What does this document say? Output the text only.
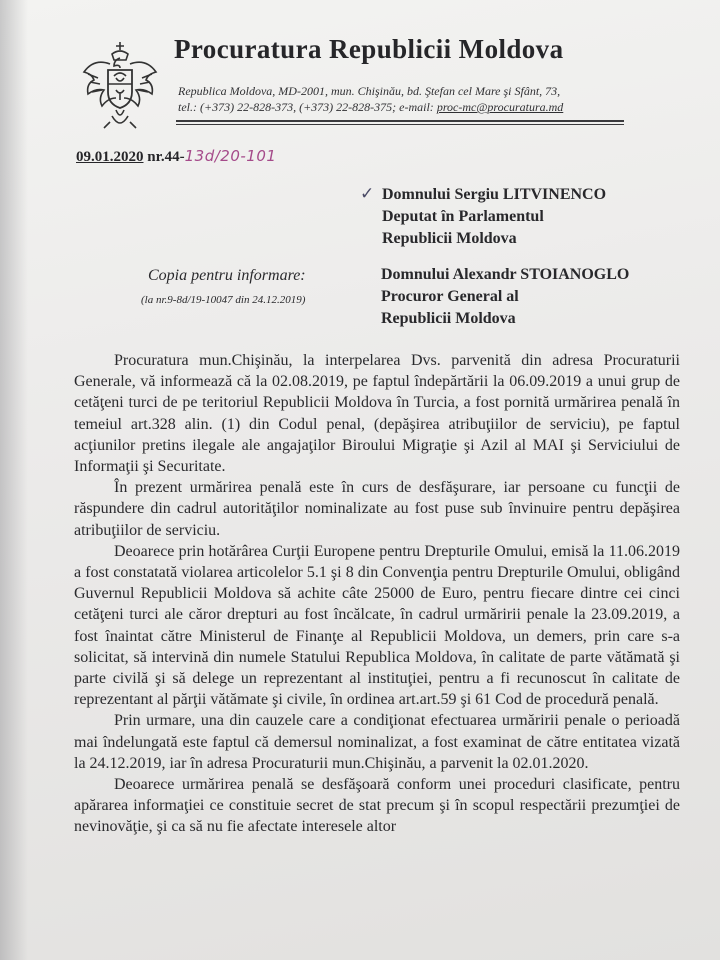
Procuratura Republicii Moldova
Republica Moldova, MD-2001, mun. Chişinău, bd. Ştefan cel Mare şi Sfânt, 73,
tel.: (+373) 22-828-373, (+373) 22-828-375; e-mail: proc-mc@procuratura.md
09.01.2020 nr.44-13d/20-101
✓ Domnului Sergiu LITVINENCO
Deputat în Parlamentul
Republicii Moldova
Copia pentru informare:
(la nr.9-8d/19-10047 din 24.12.2019)
Domnului Alexandr STOIANOGLO
Procuror General al
Republicii Moldova

Procuratura mun.Chişinău, la interpelarea Dvs. parvenită din adresa Procuraturii Generale, vă informează că la 02.08.2019, pe faptul îndepărtării la 06.09.2019 a unui grup de cetăţeni turci de pe teritoriul Republicii Moldova în Turcia, a fost pornită urmărirea penală în temeiul art.328 alin. (1) din Codul penal, (depăşirea atribuţiilor de serviciu), pe faptul acţiunilor pretins ilegale ale angajaţilor Biroului Migraţie şi Azil al MAI şi Serviciului de Informaţii şi Securitate.

În prezent urmărirea penală este în curs de desfăşurare, iar persoane cu funcţii de răspundere din cadrul autorităţilor nominalizate au fost puse sub învinuire pentru depăşirea atribuţiilor de serviciu.

Deoarece prin hotărârea Curţii Europene pentru Drepturile Omului, emisă la 11.06.2019 a fost constatată violarea articolelor 5.1 şi 8 din Convenţia pentru Drepturile Omului, obligând Guvernul Republicii Moldova să achite câte 25000 de Euro, pentru fiecare dintre cei cinci cetăţeni turci ale căror drepturi au fost încălcate, în cadrul urmăririi penale la 23.09.2019, a fost înaintat către Ministerul de Finanţe al Republicii Moldova, un demers, prin care s-a solicitat, să intervină din numele Statului Republica Moldova, în calitate de parte vătămată şi parte civilă şi să delege un reprezentant al instituţiei, pentru a fi recunoscut în calitate de reprezentant al părţii vătămate şi civile, în ordinea art.art.59 şi 61 Cod de procedură penală.

Prin urmare, una din cauzele care a condiţionat efectuarea urmăririi penale o perioadă mai îndelungată este faptul că demersul nominalizat, a fost examinat de către entitatea vizată la 24.12.2019, iar în adresa Procuraturii mun.Chişinău, a parvenit la 02.01.2020.

Deoarece urmărirea penală se desfăşoară conform unei proceduri clasificate, pentru apărarea informaţiei ce constituie secret de stat precum şi în scopul respectării prezumţiei de nevinovăţie, şi ca să nu fie afectate interesele altor
